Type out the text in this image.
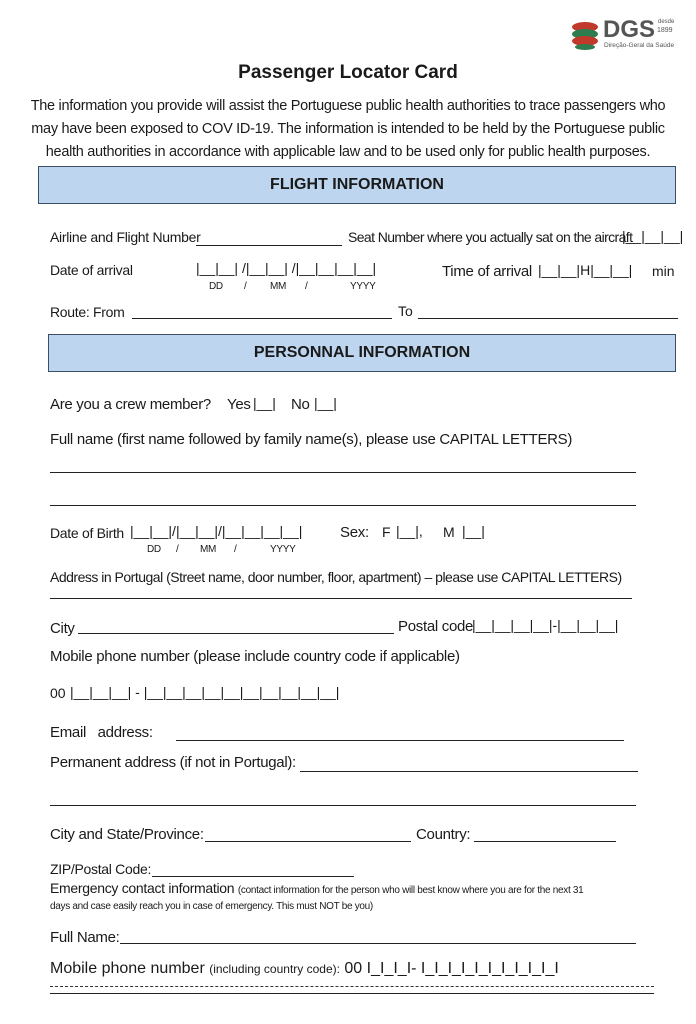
DGS desde
1899
Direção-Geral da Saúde
Passenger Locator Card
The information you provide will assist the Portuguese public health authorities to trace passengers who
may have been exposed to COV ID-19. The information is intended to be held by the Portuguese public
health authorities in accordance with applicable law and to be used only for public health purposes.
FLIGHT INFORMATION
Airline and Flight Number	Seat Number where you actually sat on the aircraft
|__|__|__|
Date of arrival	|__|__| /|__|__| /|__|__|__|__|
DD / MM /	YYYY
Time of arrival |__|__|H|__|__| min
Route: From	To
PERSONNAL INFORMATION
Are you a crew member? Yes |__| No |__|
Full name (first name followed by family name(s), please use CAPITAL LETTERS)
Date of Birth |__|__|/|__|__|/|__|__|__|__|
DD / MM /	YYYY
Sex: F |__|, M |__|
Address in Portugal (Street name, door number, floor, apartment) – please use CAPITAL LETTERS)
City	Postal code
|__|__|__|__|-|__|__|__|
Mobile phone number (please include country code if applicable)
00 |__|__|__| - |__|__|__|__|__|__|__|__|__|__|
Email   address:
Permanent address (if not in Portugal):
City and State/Province:	Country:
ZIP/Postal Code:
Emergency contact information (contact information for the person who will best know where you are for the next 31
days and case easily reach you in case of emergency. This must NOT be you)
Full Name:
Mobile phone number (including country code): 00 I_I_I_I- I_I_I_I_I_I_I_I_I_I_I
